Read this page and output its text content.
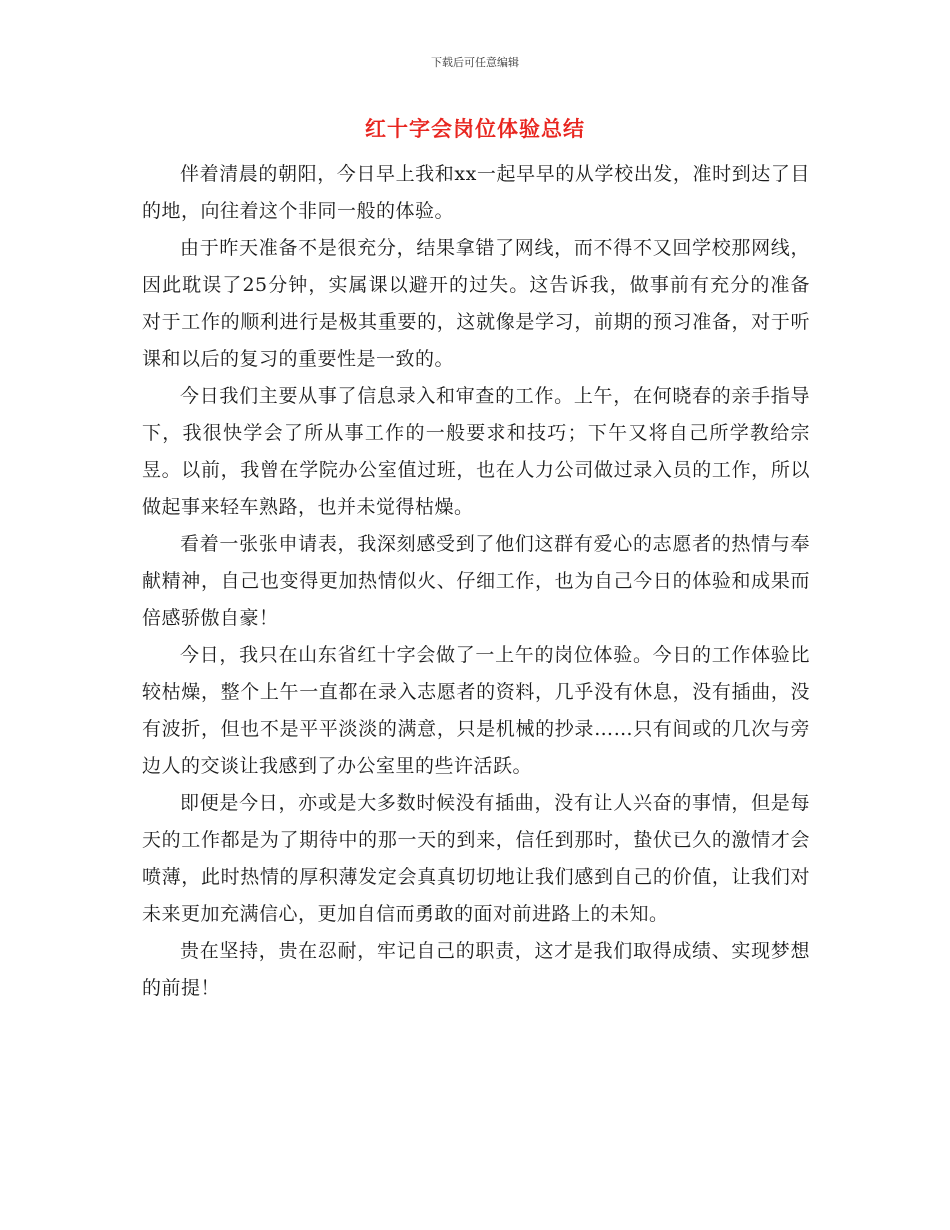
下载后可任意编辑
红十字会岗位体验总结

伴着清晨的朝阳，今日早上我和xx一起早早的从学校出发，准时到达了目的地，向往着这个非同一般的体验。

由于昨天准备不是很充分，结果拿错了网线，而不得不又回学校那网线，因此耽误了25分钟，实属课以避开的过失。这告诉我，做事前有充分的准备对于工作的顺利进行是极其重要的，这就像是学习，前期的预习准备，对于听课和以后的复习的重要性是一致的。

今日我们主要从事了信息录入和审查的工作。上午，在何晓春的亲手指导下，我很快学会了所从事工作的一般要求和技巧；下午又将自己所学教给宗昱。以前，我曾在学院办公室值过班，也在人力公司做过录入员的工作，所以做起事来轻车熟路，也并未觉得枯燥。

看着一张张申请表，我深刻感受到了他们这群有爱心的志愿者的热情与奉献精神，自己也变得更加热情似火、仔细工作，也为自己今日的体验和成果而倍感骄傲自豪！

今日，我只在山东省红十字会做了一上午的岗位体验。今日的工作体验比较枯燥，整个上午一直都在录入志愿者的资料，几乎没有休息，没有插曲，没有波折，但也不是平平淡淡的满意，只是机械的抄录……只有间或的几次与旁边人的交谈让我感到了办公室里的些许活跃。

即便是今日，亦或是大多数时候没有插曲，没有让人兴奋的事情，但是每天的工作都是为了期待中的那一天的到来，信任到那时，蛰伏已久的激情才会喷薄，此时热情的厚积薄发定会真真切切地让我们感到自己的价值，让我们对未来更加充满信心，更加自信而勇敢的面对前进路上的未知。

贵在坚持，贵在忍耐，牢记自己的职责，这才是我们取得成绩、实现梦想的前提！
